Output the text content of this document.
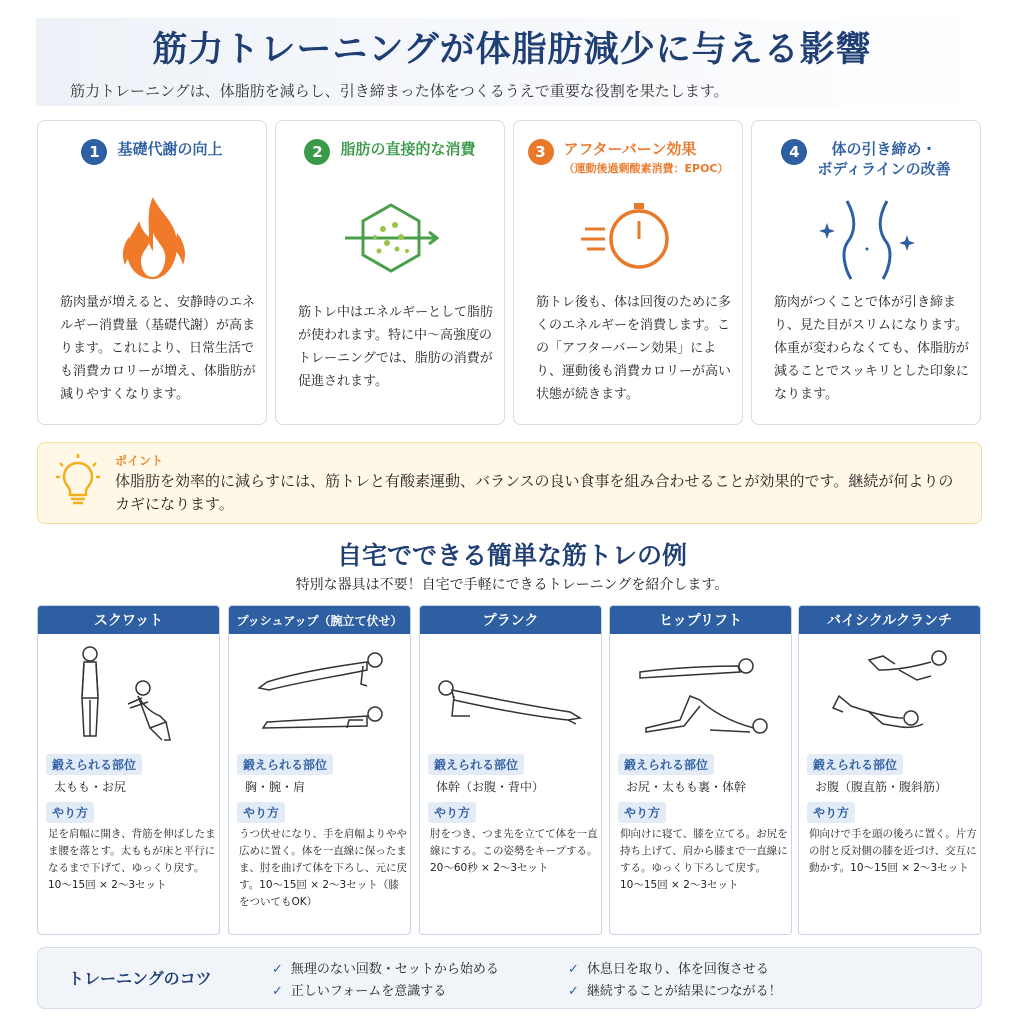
筋力トレーニングが体脂肪減少に与える影響

筋力トレーニングは、体脂肪を減らし、引き締まった体をつくるうえで重要な役割を果たします。

1	基礎代謝の向上

筋肉量が増えると、安静時のエネルギー消費量（基礎代謝）が高まります。これにより、日常生活でも消費カロリーが増え、体脂肪が減りやすくなります。

2	脂肪の直接的な消費

筋トレ中はエネルギーとして脂肪が使われます。特に中〜高強度のトレーニングでは、脂肪の消費が促進されます。

3	アフターバーン効果
（運動後過剰酸素消費：EPOC）

筋トレ後も、体は回復のために多くのエネルギーを消費します。この「アフターバーン効果」により、運動後も消費カロリーが高い状態が続きます。

4	体の引き締め・
ボディラインの改善

筋肉がつくことで体が引き締まり、見た目がスリムになります。体重が変わらなくても、体脂肪が減ることでスッキリとした印象になります。

ポイント

体脂肪を効率的に減らすには、筋トレと有酸素運動、バランスの良い食事を組み合わせることが効果的です。継続が何よりのカギになります。

自宅でできる簡単な筋トレの例

特別な器具は不要！自宅で手軽にできるトレーニングを紹介します。

スクワット
鍛えられる部位
太もも・お尻
やり方

足を肩幅に開き、背筋を伸ばしたまま腰を落とす。太ももが床と平行になるまで下げて、ゆっくり戻す。10〜15回 × 2〜3セット

プッシュアップ（腕立て伏せ）
鍛えられる部位
胸・腕・肩
やり方

うつ伏せになり、手を肩幅よりやや広めに置く。体を一直線に保ったまま、肘を曲げて体を下ろし、元に戻す。10〜15回 × 2〜3セット（膝をついてもOK）

プランク
鍛えられる部位
体幹（お腹・背中）
やり方

肘をつき、つま先を立てて体を一直線にする。この姿勢をキープする。20〜60秒 × 2〜3セット

ヒップリフト
鍛えられる部位
お尻・太もも裏・体幹
やり方

仰向けに寝て、膝を立てる。お尻を持ち上げて、肩から膝まで一直線にする。ゆっくり下ろして戻す。10〜15回 × 2〜3セット

バイシクルクランチ
鍛えられる部位
お腹（腹直筋・腹斜筋）
やり方

仰向けで手を頭の後ろに置く。片方の肘と反対側の膝を近づけ、交互に動かす。10〜15回 × 2〜3セット

トレーニングのコツ	✓ 無理のない回数・セットから始める
✓ 正しいフォームを意識する
✓ 休息日を取り、体を回復させる
✓ 継続することが結果につながる！
